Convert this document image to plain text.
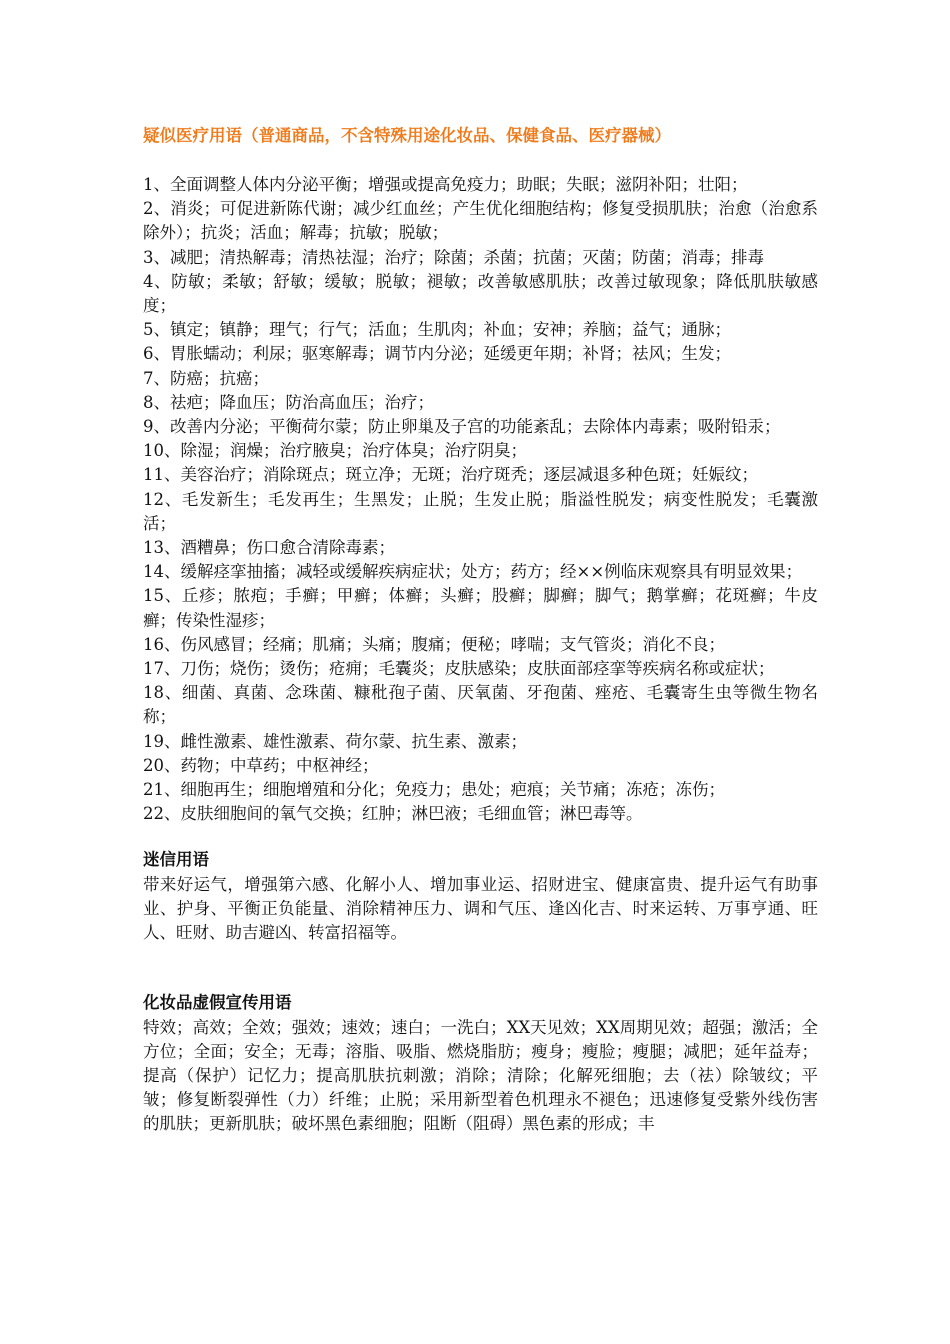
疑似医疗用语（普通商品，不含特殊用途化妆品、保健食品、医疗器械）

1、全面调整人体内分泌平衡；增强或提高免疫力；助眠；失眠；滋阴补阳；壮阳；

2、消炎；可促进新陈代谢；减少红血丝；产生优化细胞结构；修复受损肌肤；治愈（治愈系除外）；抗炎；活血；解毒；抗敏；脱敏；

3、减肥；清热解毒；清热祛湿；治疗；除菌；杀菌；抗菌；灭菌；防菌；消毒；排毒

4、防敏；柔敏；舒敏；缓敏；脱敏；褪敏；改善敏感肌肤；改善过敏现象；降低肌肤敏感度；

5、镇定；镇静；理气；行气；活血；生肌肉；补血；安神；养脑；益气；通脉；

6、胃胀蠕动；利尿；驱寒解毒；调节内分泌；延缓更年期；补肾；祛风；生发；

7、防癌；抗癌；

8、祛疤；降血压；防治高血压；治疗；

9、改善内分泌；平衡荷尔蒙；防止卵巢及子宫的功能紊乱；去除体内毒素；吸附铅汞；

10、除湿；润燥；治疗腋臭；治疗体臭；治疗阴臭；

11、美容治疗；消除斑点；斑立净；无斑；治疗斑秃；逐层减退多种色斑；妊娠纹；

12、毛发新生；毛发再生；生黑发；止脱；生发止脱；脂溢性脱发；病变性脱发；毛囊激活；

13、酒糟鼻；伤口愈合清除毒素；

14、缓解痉挛抽搐；减轻或缓解疾病症状；处方；药方；经××例临床观察具有明显效果；

15、丘疹；脓疱；手癣；甲癣；体癣；头癣；股癣；脚癣；脚气；鹅掌癣；花斑癣；牛皮癣；传染性湿疹；

16、伤风感冒；经痛；肌痛；头痛；腹痛；便秘；哮喘；支气管炎；消化不良；

17、刀伤；烧伤；烫伤；疮痈；毛囊炎；皮肤感染；皮肤面部痉挛等疾病名称或症状；

18、细菌、真菌、念珠菌、糠秕孢子菌、厌氧菌、牙孢菌、痤疮、毛囊寄生虫等微生物名称；

19、雌性激素、雄性激素、荷尔蒙、抗生素、激素；

20、药物；中草药；中枢神经；

21、细胞再生；细胞增殖和分化；免疫力；患处；疤痕；关节痛；冻疮；冻伤；

22、皮肤细胞间的氧气交换；红肿；淋巴液；毛细血管；淋巴毒等。

迷信用语

带来好运气，增强第六感、化解小人、增加事业运、招财进宝、健康富贵、提升运气有助事业、护身、平衡正负能量、消除精神压力、调和气压、逢凶化吉、时来运转、万事亨通、旺人、旺财、助吉避凶、转富招福等。

化妆品虚假宣传用语

特效；高效；全效；强效；速效；速白；一洗白；XX天见效；XX周期见效；超强；激活；全方位；全面；安全；无毒；溶脂、吸脂、燃烧脂肪；瘦身；瘦脸；瘦腿；减肥；延年益寿；提高（保护）记忆力；提高肌肤抗刺激；消除；清除；化解死细胞；去（祛）除皱纹；平皱；修复断裂弹性（力）纤维；止脱；采用新型着色机理永不褪色；迅速修复受紫外线伤害的肌肤；更新肌肤；破坏黑色素细胞；阻断（阻碍）黑色素的形成；丰
